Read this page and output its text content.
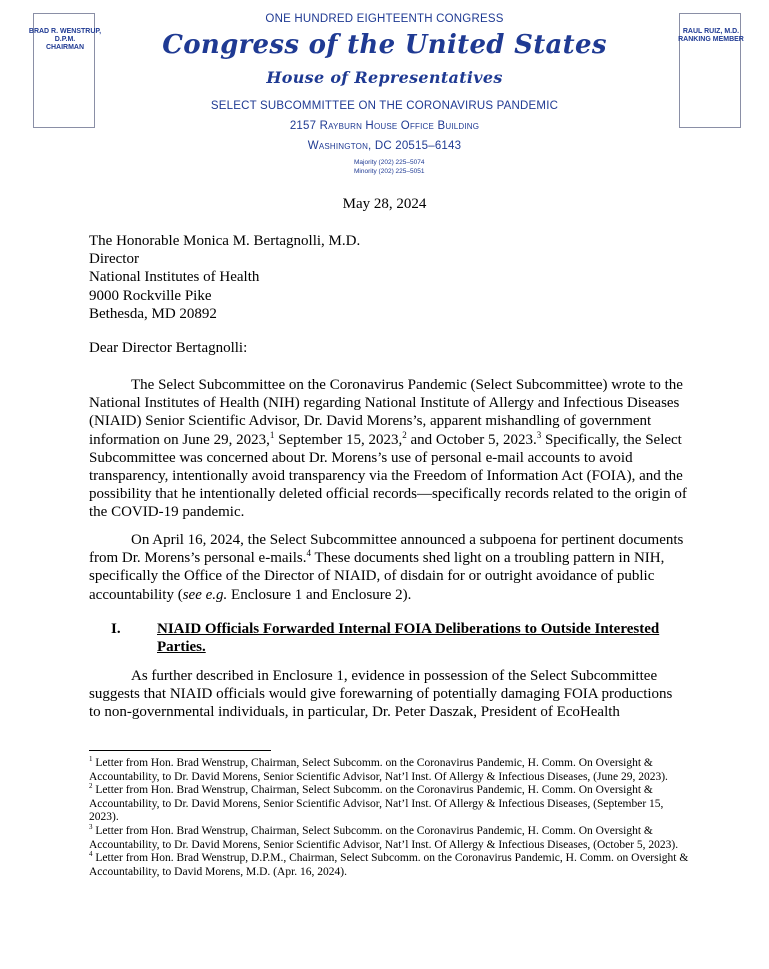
BRAD R. WENSTRUP, D.P.M.
CHAIRMAN
RAUL RUIZ, M.D.
RANKING MEMBER
ONE HUNDRED EIGHTEENTH CONGRESS
Congress of the United States
House of Representatives
SELECT SUBCOMMITTEE ON THE CORONAVIRUS PANDEMIC
2157 Rayburn House Office Building
Washington, DC 20515–6143
Majority (202) 225–5074
Minority (202) 225–5051
May 28, 2024
The Honorable Monica M. Bertagnolli, M.D.
Director
National Institutes of Health
9000 Rockville Pike
Bethesda, MD 20892
Dear Director Bertagnolli:
The Select Subcommittee on the Coronavirus Pandemic (Select Subcommittee) wrote to the National Institutes of Health (NIH) regarding National Institute of Allergy and Infectious Diseases (NIAID) Senior Scientific Advisor, Dr. David Morens’s, apparent mishandling of government information on June 29, 2023,$^1$ September 15, 2023,$^2$ and October 5, 2023.$^3$ Specifically, the Select Subcommittee was concerned about Dr. Morens’s use of personal e-mail accounts to avoid transparency, intentionally avoid transparency via the Freedom of Information Act (FOIA), and the possibility that he intentionally deleted official records—specifically records related to the origin of the COVID-19 pandemic.
On April 16, 2024, the Select Subcommittee announced a subpoena for pertinent documents from Dr. Morens’s personal e-mails.$^4$ These documents shed light on a troubling pattern in NIH, specifically the Office of the Director of NIAID, of disdain for or outright avoidance of public accountability (see e.g. Enclosure 1 and Enclosure 2).
I. NIAID Officials Forwarded Internal FOIA Deliberations to Outside Interested Parties.
As further described in Enclosure 1, evidence in possession of the Select Subcommittee suggests that NIAID officials would give forewarning of potentially damaging FOIA productions to non-governmental individuals, in particular, Dr. Peter Daszak, President of EcoHealth

$^1$ Letter from Hon. Brad Wenstrup, Chairman, Select Subcomm. on the Coronavirus Pandemic, H. Comm. On Oversight & Accountability, to Dr. David Morens, Senior Scientific Advisor, Nat’l Inst. Of Allergy & Infectious Diseases, (June 29, 2023).

$^2$ Letter from Hon. Brad Wenstrup, Chairman, Select Subcomm. on the Coronavirus Pandemic, H. Comm. On Oversight & Accountability, to Dr. David Morens, Senior Scientific Advisor, Nat’l Inst. Of Allergy & Infectious Diseases, (September 15, 2023).

$^3$ Letter from Hon. Brad Wenstrup, Chairman, Select Subcomm. on the Coronavirus Pandemic, H. Comm. On Oversight & Accountability, to Dr. David Morens, Senior Scientific Advisor, Nat’l Inst. Of Allergy & Infectious Diseases, (October 5, 2023).

$^4$ Letter from Hon. Brad Wenstrup, D.P.M., Chairman, Select Subcomm. on the Coronavirus Pandemic, H. Comm. on Oversight & Accountability, to David Morens, M.D. (Apr. 16, 2024).
